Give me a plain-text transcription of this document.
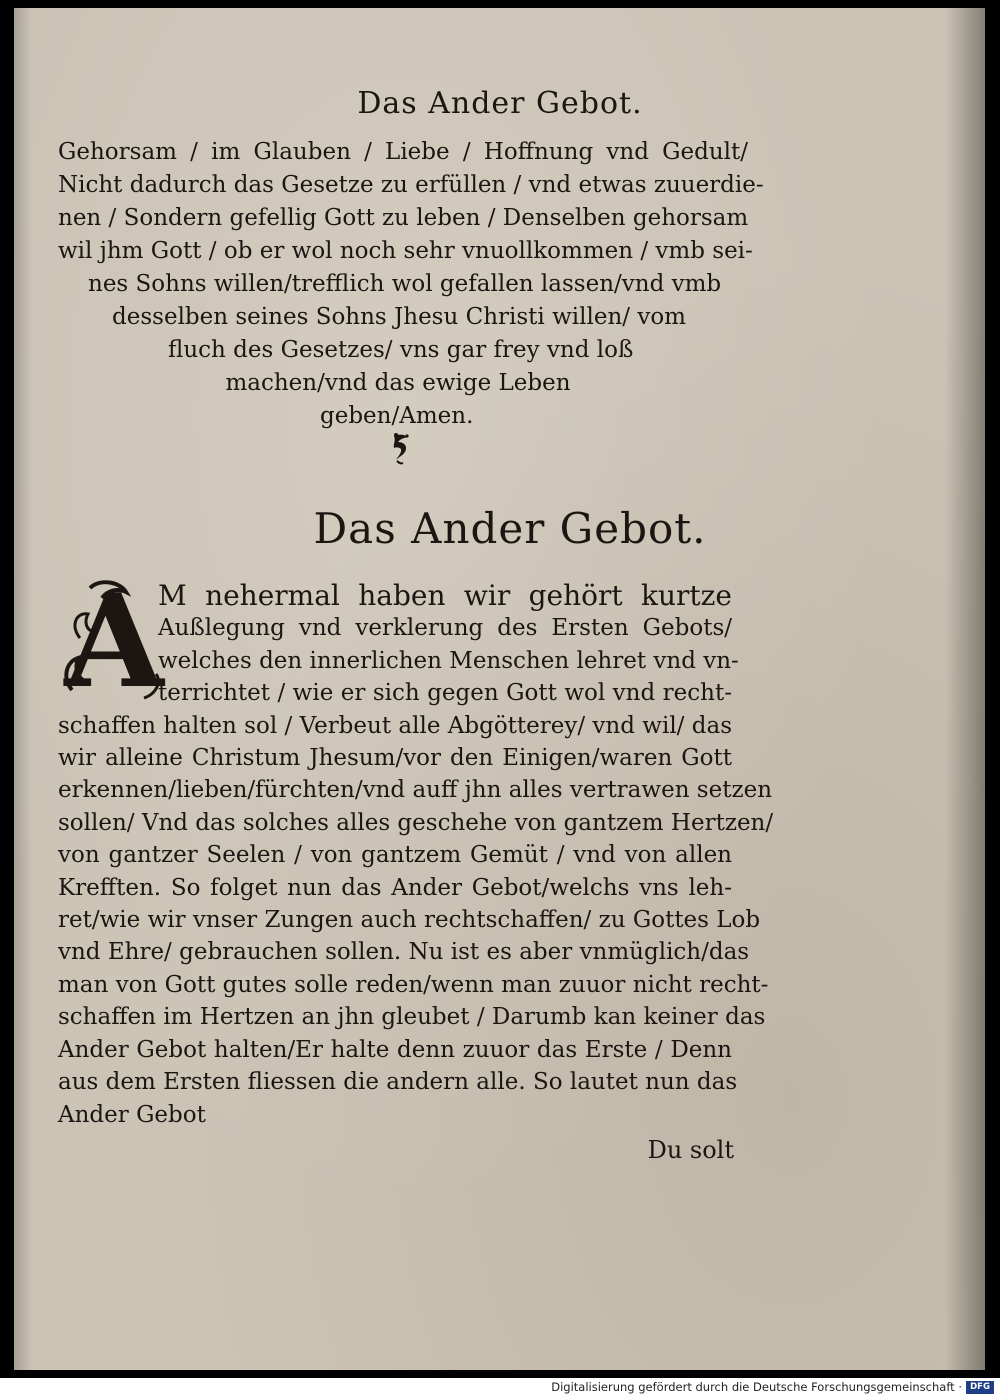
Das Ander Gebot.
Gehorsam / im Glauben / Liebe / Hoffnung vnd Gedult/
Nicht dadurch das Gesetze zu erfüllen / vnd etwas zuuerdie-
nen / Sondern gefellig Gott zu leben / Denselben gehorsam
wil jhm Gott / ob er wol noch sehr vnuollkommen / vmb sei-
nes Sohns willen/trefflich wol gefallen lassen/vnd vmb
desselben seines Sohns Jhesu Christi willen/ vom
fluch des Gesetzes/ vns gar frey vnd loß
machen/vnd das ewige Leben
geben/Amen.
Das Ander Gebot.
A
M nehermal haben wir gehört kurtze
Außlegung vnd verklerung des Ersten Gebots/
welches den innerlichen Menschen lehret vnd vn-
terrichtet / wie er sich gegen Gott wol vnd recht-
schaffen halten sol / Verbeut alle Abgötterey/ vnd wil/ das
wir alleine Christum Jhesum/vor den Einigen/waren Gott
erkennen/lieben/fürchten/vnd auff jhn alles vertrawen setzen
sollen/ Vnd das solches alles geschehe von gantzem Hertzen/
von gantzer Seelen / von gantzem Gemüt / vnd von allen
Krefften. So folget nun das Ander Gebot/welchs vns leh-
ret/wie wir vnser Zungen auch rechtschaffen/ zu Gottes Lob
vnd Ehre/ gebrauchen sollen. Nu ist es aber vnmüglich/das
man von Gott gutes solle reden/wenn man zuuor nicht recht-
schaffen im Hertzen an jhn gleubet / Darumb kan keiner das
Ander Gebot halten/Er halte denn zuuor das Erste / Denn
aus dem Ersten fliessen die andern alle. So lautet nun das
Ander Gebot
Du solt
Digitalisierung gefördert durch die Deutsche Forschungsgemeinschaft · DFG
